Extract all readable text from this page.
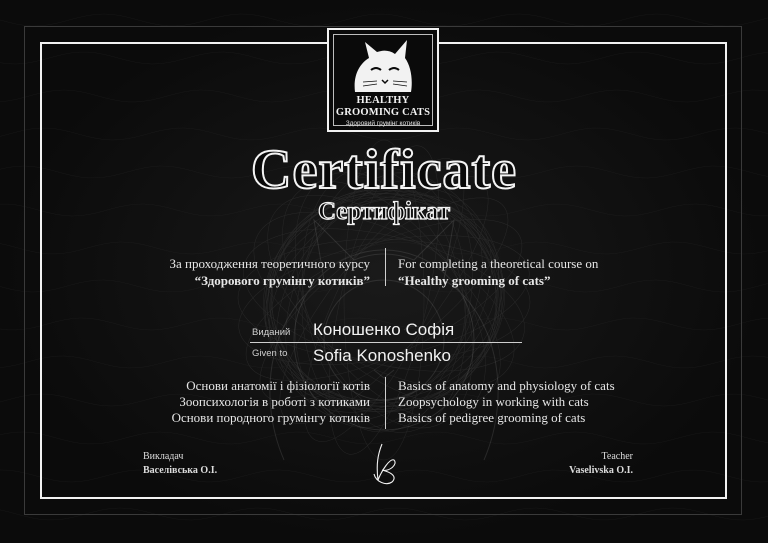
HEALTHY
GROOMING CATS
Здоровий грумінг котиків
Certificate
Сертифікат
За проходження теоретичного курсу
“Здорового грумінгу котиків”
For completing a theoretical course on
“Healthy grooming of cats”
Виданий Коношенко Софія
Given to Sofia Konoshenko
Основи анатомії і фізіології котів
Зоопсихологія в роботі з котиками
Основи породного грумінгу котиків
Basics of anatomy and physiology of cats
Zoopsychology in working with cats
Basics of pedigree grooming of cats
Викладач
Васелівська О.І.
Teacher
Vaselivska O.I.
